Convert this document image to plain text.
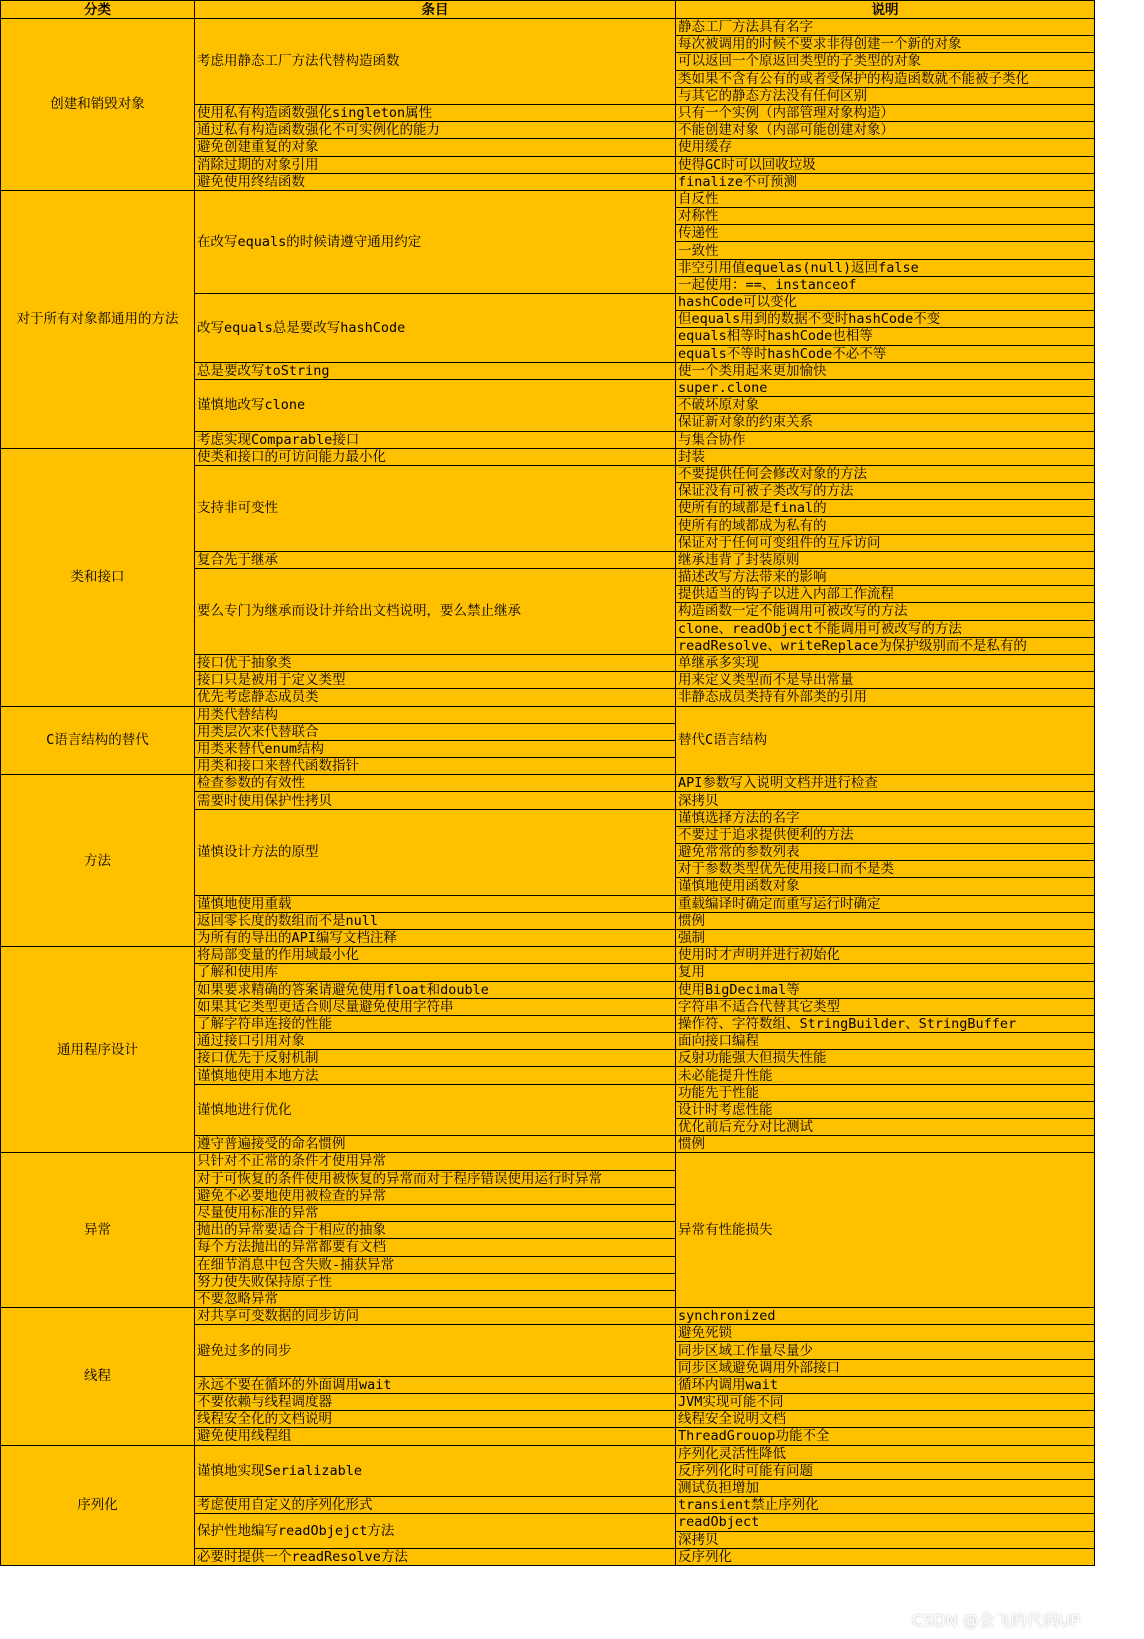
分类	条目	说明
创建和销毁对象	考虑用静态工厂方法代替构造函数	静态工厂方法具有名字
		每次被调用的时候不要求非得创建一个新的对象
		可以返回一个原返回类型的子类型的对象
		类如果不含有公有的或者受保护的构造函数就不能被子类化
		与其它的静态方法没有任何区别
	使用私有构造函数强化singleton属性	只有一个实例（内部管理对象构造）
	通过私有构造函数强化不可实例化的能力	不能创建对象（内部可能创建对象）
	避免创建重复的对象	使用缓存
	消除过期的对象引用	使得GC时可以回收垃圾
	避免使用终结函数	finalize不可预测
对于所有对象都通用的方法	在改写equals的时候请遵守通用约定	自反性
		对称性
		传递性
		一致性
		非空引用值equelas(null)返回false
		一起使用：==、instanceof
	改写equals总是要改写hashCode	hashCode可以变化
		但equals用到的数据不变时hashCode不变
		equals相等时hashCode也相等
		equals不等时hashCode不必不等
	总是要改写toString	使一个类用起来更加愉快
	谨慎地改写clone	super.clone
		不破坏原对象
		保证新对象的约束关系
	考虑实现Comparable接口	与集合协作
类和接口	使类和接口的可访问能力最小化	封装
	支持非可变性	不要提供任何会修改对象的方法
		保证没有可被子类改写的方法
		使所有的域都是final的
		使所有的域都成为私有的
		保证对于任何可变组件的互斥访问
	复合先于继承	继承违背了封装原则
	要么专门为继承而设计并给出文档说明，要么禁止继承	描述改写方法带来的影响
		提供适当的钩子以进入内部工作流程
		构造函数一定不能调用可被改写的方法
		clone、readObject不能调用可被改写的方法
		readResolve、writeReplace为保护级别而不是私有的
	接口优于抽象类	单继承多实现
	接口只是被用于定义类型	用来定义类型而不是导出常量
	优先考虑静态成员类	非静态成员类持有外部类的引用
C语言结构的替代	用类代替结构	替代C语言结构
	用类层次来代替联合	
	用类来替代enum结构	
	用类和接口来替代函数指针	
方法	检查参数的有效性	API参数写入说明文档并进行检查
	需要时使用保护性拷贝	深拷贝
	谨慎设计方法的原型	谨慎选择方法的名字
		不要过于追求提供便利的方法
		避免常常的参数列表
		对于参数类型优先使用接口而不是类
		谨慎地使用函数对象
	谨慎地使用重载	重载编译时确定而重写运行时确定
	返回零长度的数组而不是null	惯例
	为所有的导出的API编写文档注释	强制
通用程序设计	将局部变量的作用域最小化	使用时才声明并进行初始化
	了解和使用库	复用
	如果要求精确的答案请避免使用float和double	使用BigDecimal等
	如果其它类型更适合则尽量避免使用字符串	字符串不适合代替其它类型
	了解字符串连接的性能	操作符、字符数组、StringBuilder、StringBuffer
	通过接口引用对象	面向接口编程
	接口优先于反射机制	反射功能强大但损失性能
	谨慎地使用本地方法	未必能提升性能
	谨慎地进行优化	功能先于性能
		设计时考虑性能
		优化前后充分对比测试
	遵守普遍接受的命名惯例	惯例
异常	只针对不正常的条件才使用异常	异常有性能损失
	对于可恢复的条件使用被恢复的异常而对于程序错误使用运行时异常	
	避免不必要地使用被检查的异常	
	尽量使用标准的异常	
	抛出的异常要适合于相应的抽象	
	每个方法抛出的异常都要有文档	
	在细节消息中包含失败-捕获异常	
	努力使失败保持原子性	
	不要忽略异常	
线程	对共享可变数据的同步访问	synchronized
	避免过多的同步	避免死锁
		同步区域工作量尽量少
		同步区域避免调用外部接口
	永远不要在循环的外面调用wait	循环内调用wait
	不要依赖与线程调度器	JVM实现可能不同
	线程安全化的文档说明	线程安全说明文档
	避免使用线程组	ThreadGrouop功能不全
序列化	谨慎地实现Serializable	序列化灵活性降低
		反序列化时可能有问题
		测试负担增加
	考虑使用自定义的序列化形式	transient禁止序列化
	保护性地编写readObjejct方法	readObject
		深拷贝
	必要时提供一个readResolve方法	反序列化
CSDN @会飞的代码UP
